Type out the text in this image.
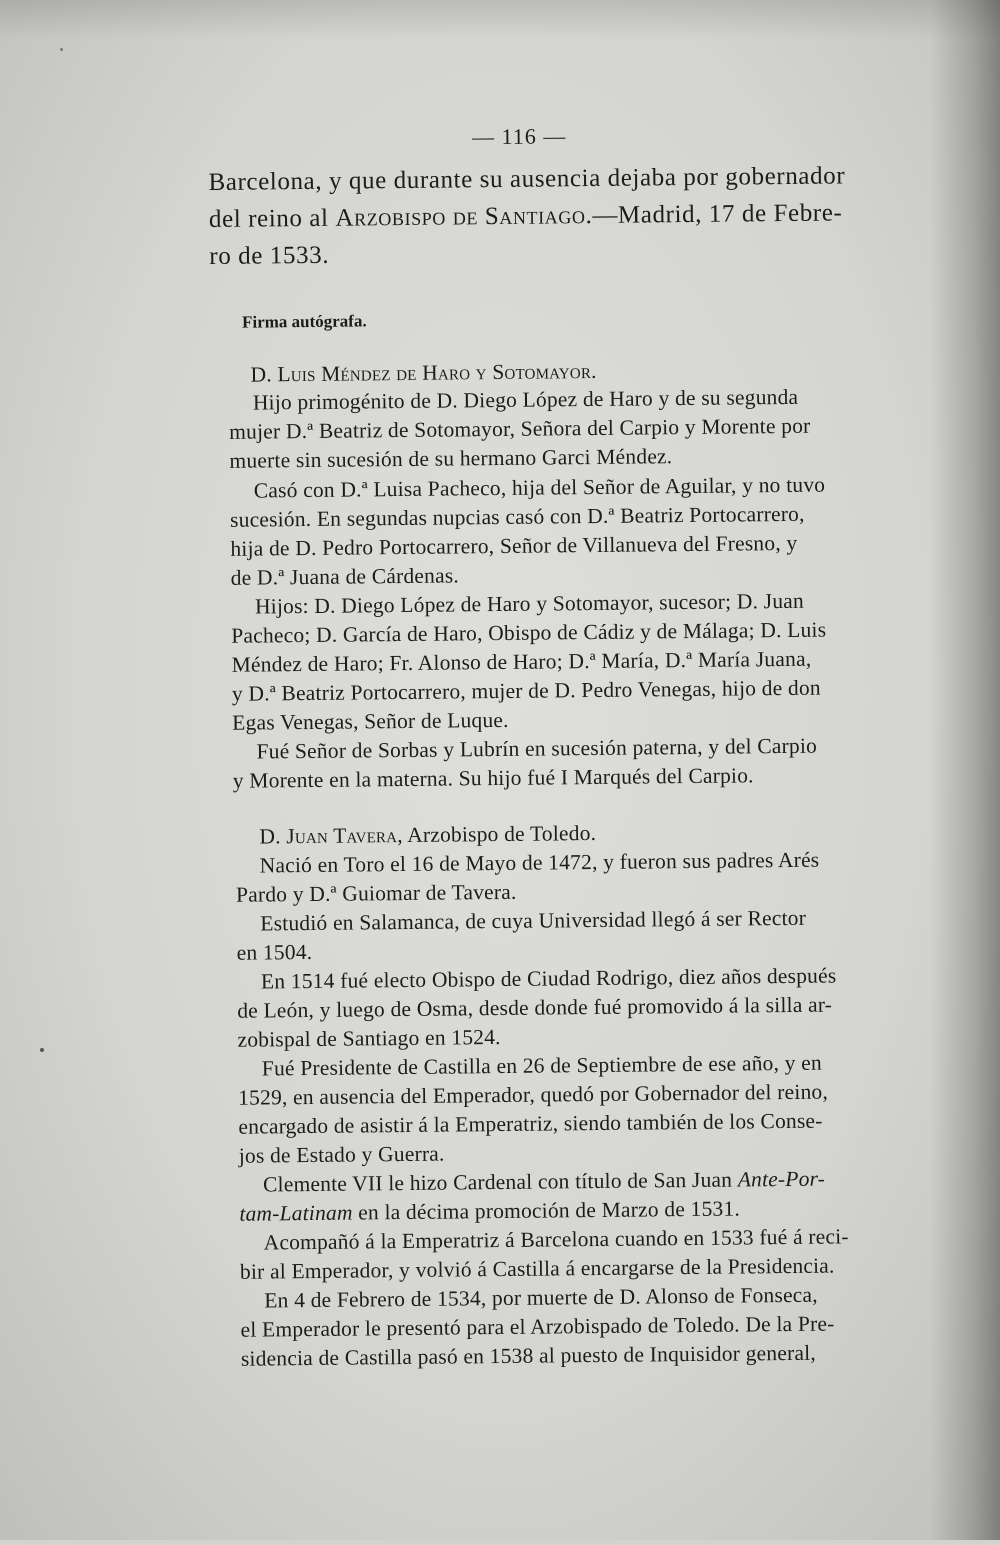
— 116 —
Barcelona, y que durante su ausencia dejaba por gobernador
del reino al Arzobispo de Santiago.—Madrid, 17 de Febre-
ro de 1533.
Firma autógrafa.
D. Luis Méndez de Haro y Sotomayor.
Hijo primogénito de D. Diego López de Haro y de su segunda
mujer D.ª Beatriz de Sotomayor, Señora del Carpio y Morente por
muerte sin sucesión de su hermano Garci Méndez.
Casó con D.ª Luisa Pacheco, hija del Señor de Aguilar, y no tuvo
sucesión. En segundas nupcias casó con D.ª Beatriz Portocarrero,
hija de D. Pedro Portocarrero, Señor de Villanueva del Fresno, y
de D.ª Juana de Cárdenas.
Hijos: D. Diego López de Haro y Sotomayor, sucesor; D. Juan
Pacheco; D. García de Haro, Obispo de Cádiz y de Málaga; D. Luis
Méndez de Haro; Fr. Alonso de Haro; D.ª María, D.ª María Juana,
y D.ª Beatriz Portocarrero, mujer de D. Pedro Venegas, hijo de don
Egas Venegas, Señor de Luque.
Fué Señor de Sorbas y Lubrín en sucesión paterna, y del Carpio
y Morente en la materna. Su hijo fué I Marqués del Carpio.
D. Juan Tavera, Arzobispo de Toledo.
Nació en Toro el 16 de Mayo de 1472, y fueron sus padres Arés
Pardo y D.ª Guiomar de Tavera.
Estudió en Salamanca, de cuya Universidad llegó á ser Rector
en 1504.
En 1514 fué electo Obispo de Ciudad Rodrigo, diez años después
de León, y luego de Osma, desde donde fué promovido á la silla ar-
zobispal de Santiago en 1524.
Fué Presidente de Castilla en 26 de Septiembre de ese año, y en
1529, en ausencia del Emperador, quedó por Gobernador del reino,
encargado de asistir á la Emperatriz, siendo también de los Conse-
jos de Estado y Guerra.
Clemente VII le hizo Cardenal con título de San Juan Ante-Por-
tam-Latinam en la décima promoción de Marzo de 1531.
Acompañó á la Emperatriz á Barcelona cuando en 1533 fué á reci-
bir al Emperador, y volvió á Castilla á encargarse de la Presidencia.
En 4 de Febrero de 1534, por muerte de D. Alonso de Fonseca,
el Emperador le presentó para el Arzobispado de Toledo. De la Pre-
sidencia de Castilla pasó en 1538 al puesto de Inquisidor general,
